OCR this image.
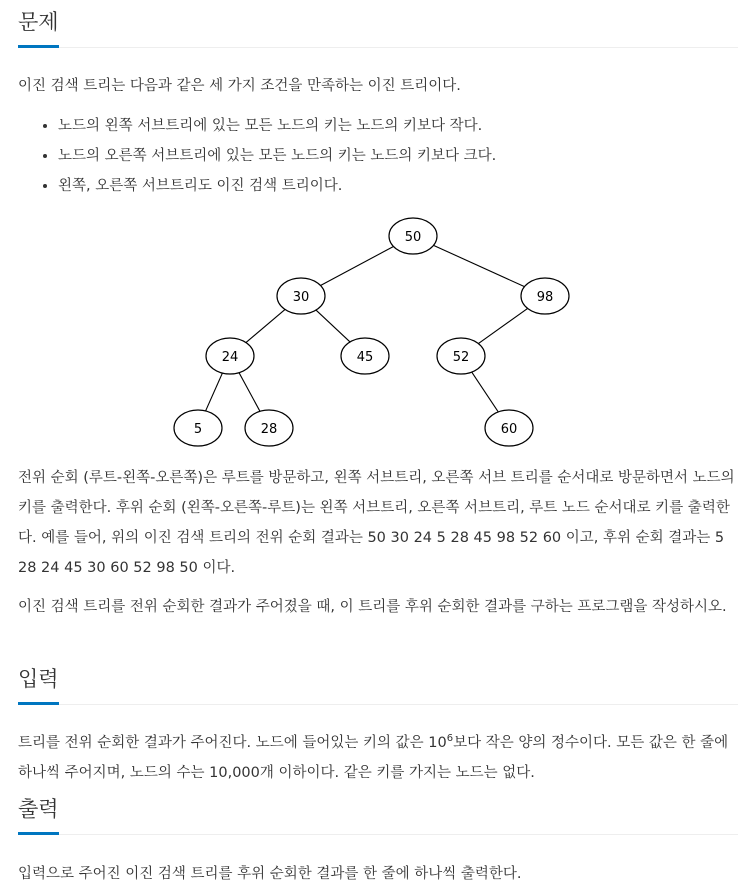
문제

이진 검색 트리는 다음과 같은 세 가지 조건을 만족하는 이진 트리이다.

• 노드의 왼쪽 서브트리에 있는 모든 노드의 키는 노드의 키보다 작다.
• 노드의 오른쪽 서브트리에 있는 모든 노드의 키는 노드의 키보다 크다.
• 왼쪽, 오른쪽 서브트리도 이진 검색 트리이다.
50
30	98
24	45	52
5	28	60

전위 순회 (루트-왼쪽-오른쪽)은 루트를 방문하고, 왼쪽 서브트리, 오른쪽 서브 트리를 순서대로 방문하면서 노드의 키를 출력한다. 후위 순회 (왼쪽-오른쪽-루트)는 왼쪽 서브트리, 오른쪽 서브트리, 루트 노드 순서대로 키를 출력한다. 예를 들어, 위의 이진 검색 트리의 전위 순회 결과는 50 30 24 5 28 45 98 52 60 이고, 후위 순회 결과는 5 28 24 45 30 60 52 98 50 이다.

이진 검색 트리를 전위 순회한 결과가 주어졌을 때, 이 트리를 후위 순회한 결과를 구하는 프로그램을 작성하시오.

입력

트리를 전위 순회한 결과가 주어진다. 노드에 들어있는 키의 값은 $10^6$보다 작은 양의 정수이다. 모든 값은 한 줄에 하나씩 주어지며, 노드의 수는 10,000개 이하이다. 같은 키를 가지는 노드는 없다.

출력

입력으로 주어진 이진 검색 트리를 후위 순회한 결과를 한 줄에 하나씩 출력한다.
